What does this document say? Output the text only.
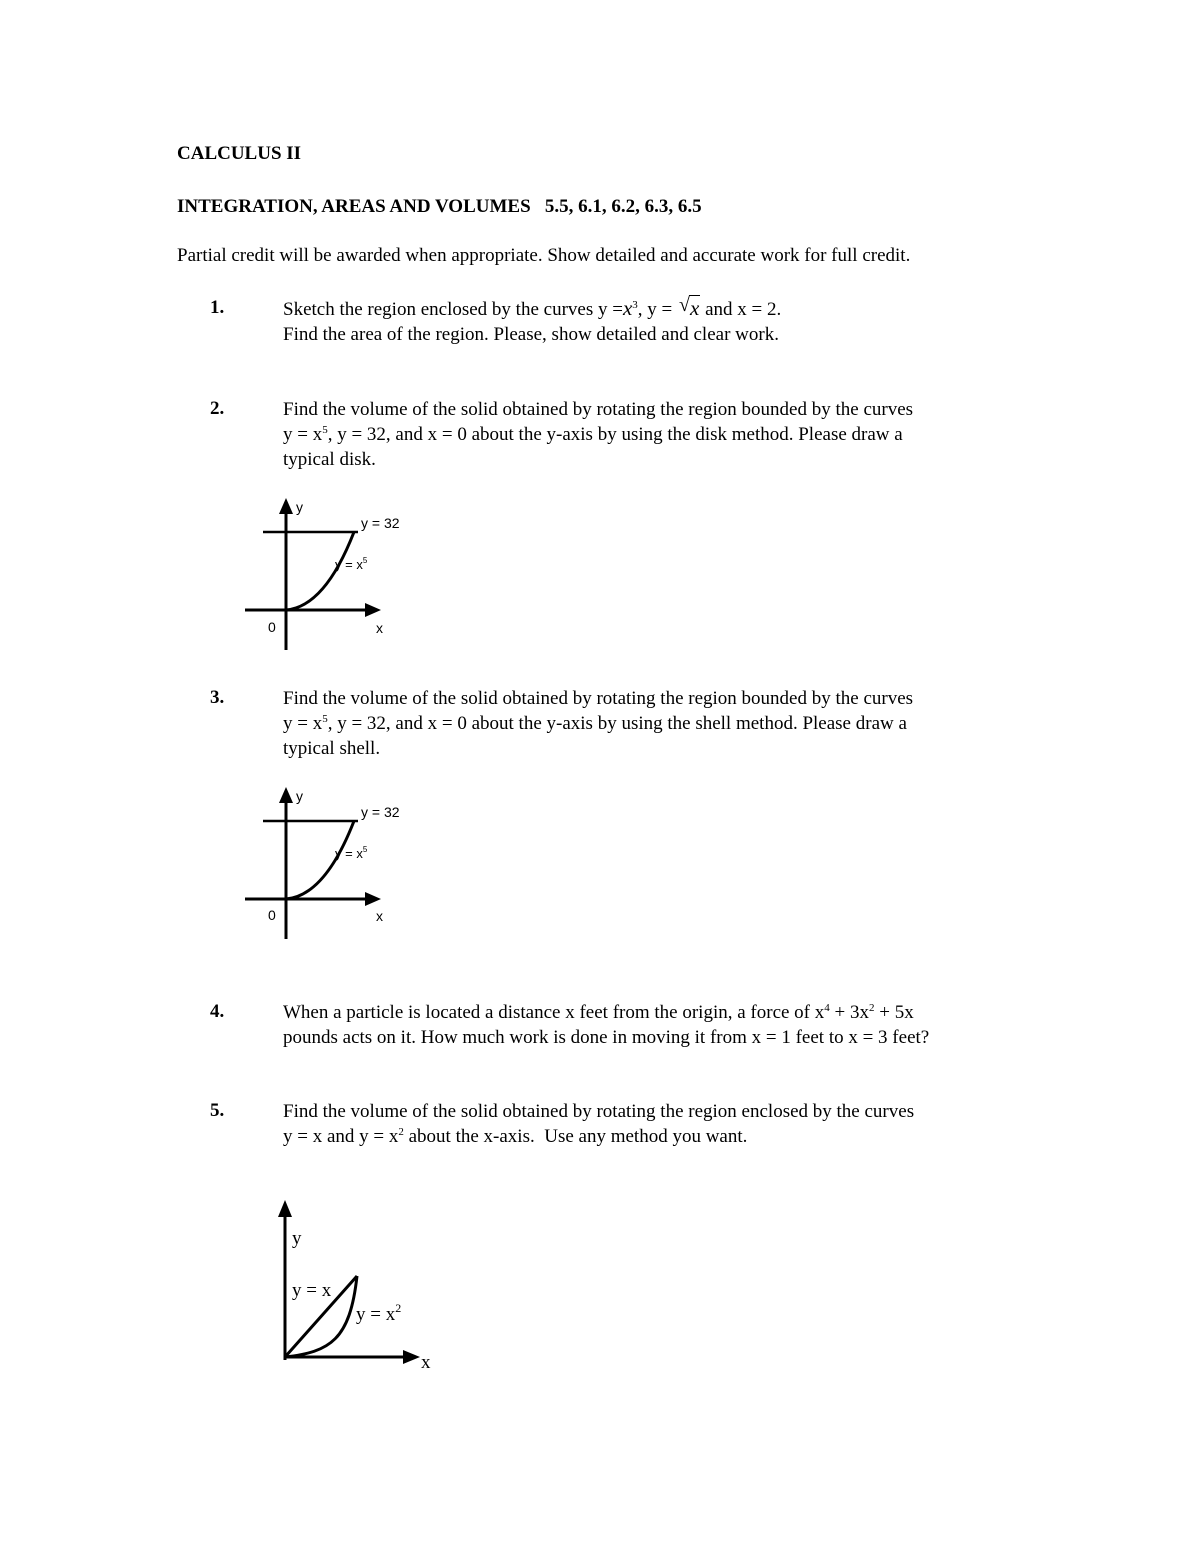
CALCULUS II
INTEGRATION, AREAS AND VOLUMES   5.5, 6.1, 6.2, 6.3, 6.5
Partial credit will be awarded when appropriate. Show detailed and accurate work for full credit.
1.	Sketch the region enclosed by the curves $y =x^3$, y = √ x and x = 2.
Find the area of the region. Please, show detailed and clear work.
2.	Find the volume of the solid obtained by rotating the region bounded by the curves
$y = x^5$, y = 32, and x = 0 about the y-axis by using the disk method. Please draw a
typical disk.
y
x
0
y = 32
$y = x^5$
3.	Find the volume of the solid obtained by rotating the region bounded by the curves
$y = x^5$, y = 32, and x = 0 about the y-axis by using the shell method. Please draw a
typical shell.
y
x
0
y = 32
$y = x^5$
4.	When a particle is located a distance x feet from the origin, a force of $x^4 + 3x^2 + 5x$
pounds acts on it. How much work is done in moving it from x = 1 feet to x = 3 feet?
5.	Find the volume of the solid obtained by rotating the region enclosed by the curves
y = x and $y = x^2$ about the x-axis.  Use any method you want.
y
x
y = x
$y = x^2$
